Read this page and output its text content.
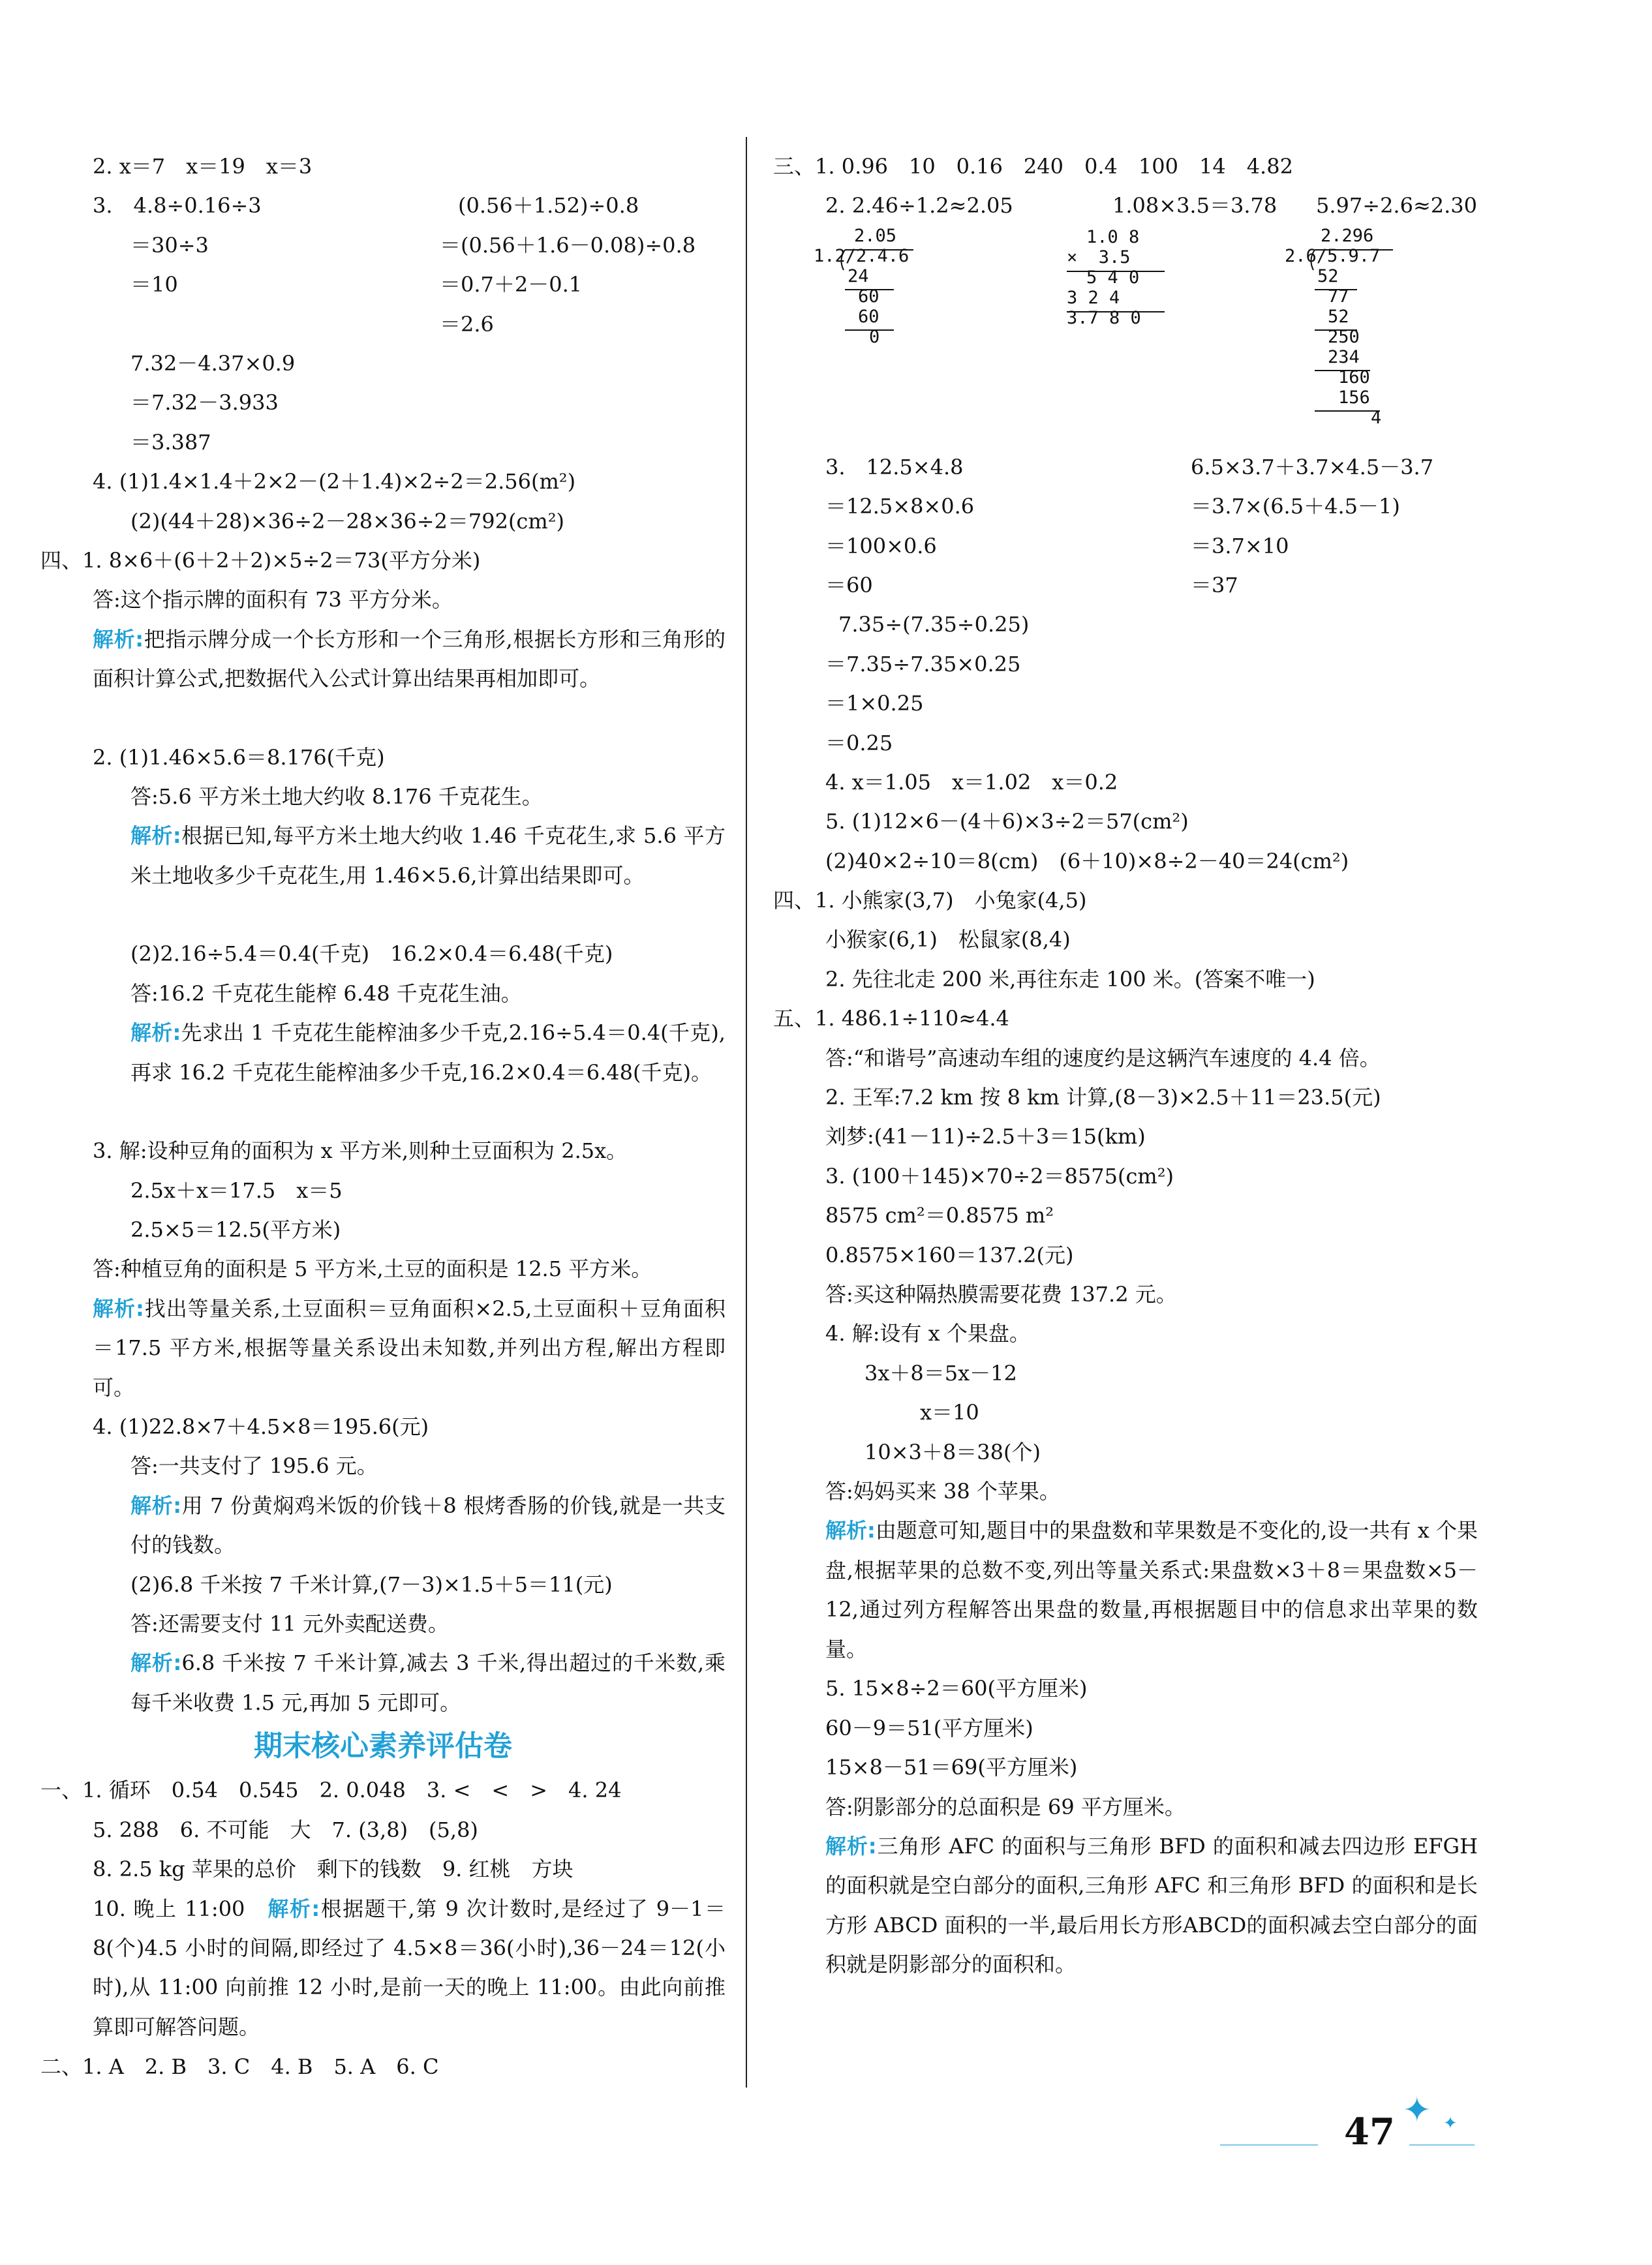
2. x＝7　x＝19　x＝3
3.　4.8÷0.16÷3	(0.56＋1.52)÷0.8
＝30÷3	＝(0.56＋1.6－0.08)÷0.8
＝10	＝0.7＋2－0.1
＝2.6
7.32－4.37×0.9
＝7.32－3.933
＝3.387
4. (1)1.4×1.4＋2×2－(2＋1.4)×2÷2＝2.56(m²)
(2)(44＋28)×36÷2－28×36÷2＝792(cm²)
四、1. 8×6＋(6＋2＋2)×5÷2＝73(平方分米)
答:这个指示牌的面积有 73 平方分米。
解析:把指示牌分成一个长方形和一个三角形,根据长方形和三角形的面积计算公式,把数据代入公式计算出结果再相加即可。
2. (1)1.46×5.6＝8.176(千克)
答:5.6 平方米土地大约收 8.176 千克花生。
解析:根据已知,每平方米土地大约收 1.46 千克花生,求 5.6 平方米土地收多少千克花生,用 1.46×5.6,计算出结果即可。
(2)2.16÷5.4＝0.4(千克)　16.2×0.4＝6.48(千克)
答:16.2 千克花生能榨 6.48 千克花生油。
解析:先求出 1 千克花生能榨油多少千克,2.16÷5.4＝0.4(千克),再求 16.2 千克花生能榨油多少千克,16.2×0.4＝6.48(千克)。
3. 解:设种豆角的面积为 x 平方米,则种土豆面积为 2.5x。
2.5x＋x＝17.5　x＝5
2.5×5＝12.5(平方米)
答:种植豆角的面积是 5 平方米,土豆的面积是 12.5 平方米。
解析:找出等量关系,土豆面积＝豆角面积×2.5,土豆面积＋豆角面积＝17.5 平方米,根据等量关系设出未知数,并列出方程,解出方程即可。
4. (1)22.8×7＋4.5×8＝195.6(元)
答:一共支付了 195.6 元。
解析:用 7 份黄焖鸡米饭的价钱＋8 根烤香肠的价钱,就是一共支付的钱数。
(2)6.8 千米按 7 千米计算,(7－3)×1.5＋5＝11(元)
答:还需要支付 11 元外卖配送费。
解析:6.8 千米按 7 千米计算,减去 3 千米,得出超过的千米数,乘每千米收费 1.5 元,再加 5 元即可。
期末核心素养评估卷
一、1. 循环　0.5̇4̇　0.545　2. 0.048　3. <　<　>　4. 24
5. 288　6. 不可能　大　7. (3,8)　(5,8)
8. 2.5 kg 苹果的总价　剩下的钱数　9. 红桃　方块
10. 晚上 11:00　 解析:根据题干,第 9 次计数时,是经过了 9－1＝8(个)4.5 小时的间隔,即经过了 4.5×8＝36(小时),36－24＝12(小时),从 11:00 向前推 12 小时,是前一天的晚上 11:00。由此向前推算即可解答问题。
二、1. A　2. B　3. C　4. B　5. A　6. C
三、1. 0.96　10　0.16　240　0.4　100　14　4.82
2. 2.46÷1.2≈2.05	1.08×3.5＝3.78 5.97÷2.6≈2.30
2.05
1.2/2.4.6
24
60
60
0
1.0 8
×  3.5
5 4 0
3 2 4
3.7 8 0
2.296
2.6/5.9.7
52
77
52
250
234
160
156
4
3.　12.5×4.8	6.5×3.7＋3.7×4.5－3.7
＝12.5×8×0.6	＝3.7×(6.5＋4.5－1)
＝100×0.6	＝3.7×10
＝60	＝37
7.35÷(7.35÷0.25)
＝7.35÷7.35×0.25
＝1×0.25
＝0.25
4. x＝1.05　x＝1.02　x＝0.2
5. (1)12×6－(4＋6)×3÷2＝57(cm²)
(2)40×2÷10＝8(cm)　(6＋10)×8÷2－40＝24(cm²)
四、1. 小熊家(3,7)　小兔家(4,5)
小猴家(6,1)　松鼠家(8,4)
2. 先往北走 200 米,再往东走 100 米。(答案不唯一)
五、1. 486.1÷110≈4.4
答:“和谐号”高速动车组的速度约是这辆汽车速度的 4.4 倍。
2. 王军:7.2 km 按 8 km 计算,(8－3)×2.5＋11＝23.5(元)
刘梦:(41－11)÷2.5＋3＝15(km)
3. (100＋145)×70÷2＝8575(cm²)
8575 cm²＝0.8575 m²
0.8575×160＝137.2(元)
答:买这种隔热膜需要花费 137.2 元。
4. 解:设有 x 个果盘。
3x＋8＝5x－12
x＝10
10×3＋8＝38(个)
答:妈妈买来 38 个苹果。
解析:由题意可知,题目中的果盘数和苹果数是不变化的,设一共有 x 个果盘,根据苹果的总数不变,列出等量关系式:果盘数×3＋8＝果盘数×5－12,通过列方程解答出果盘的数量,再根据题目中的信息求出苹果的数量。
5. 15×8÷2＝60(平方厘米)
60－9＝51(平方厘米)
15×8－51＝69(平方厘米)
答:阴影部分的总面积是 69 平方厘米。
解析:三角形 AFC 的面积与三角形 BFD 的面积和减去四边形 EFGH 的面积就是空白部分的面积,三角形 AFC 和三角形 BFD 的面积和是长方形 ABCD 面积的一半,最后用长方形ABCD的面积减去空白部分的面积就是阴影部分的面积和。
47 ✦ ✦
